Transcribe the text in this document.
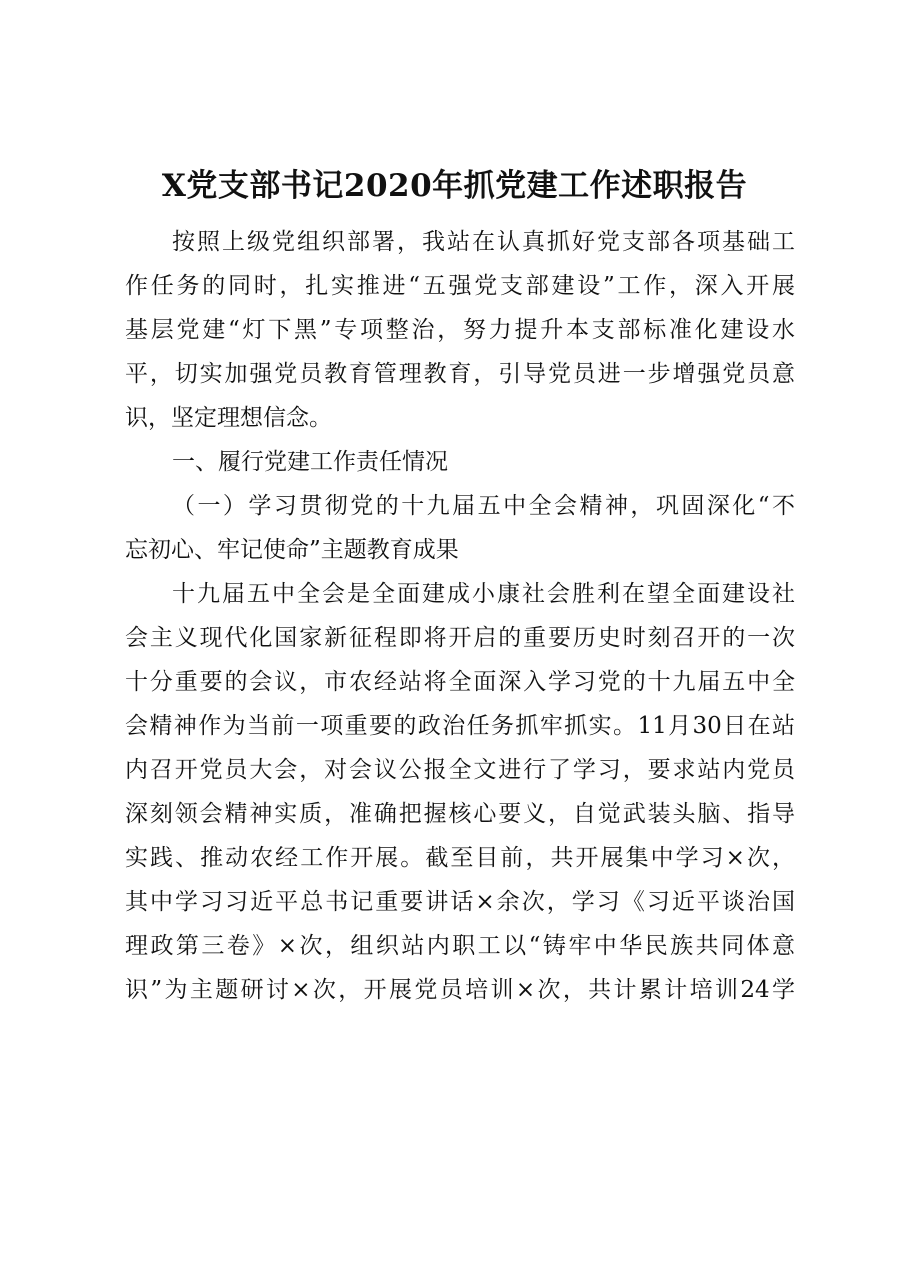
X党支部书记2020年抓党建工作述职报告
按照上级党组织部署，我站在认真抓好党支部各项基础工
作任务的同时，扎实推进“五强党支部建设”工作，深入开展
基层党建“灯下黑”专项整治，努力提升本支部标准化建设水
平，切实加强党员教育管理教育，引导党员进一步增强党员意
识，坚定理想信念。
一、履行党建工作责任情况
（一）学习贯彻党的十九届五中全会精神，巩固深化“不
忘初心、牢记使命”主题教育成果
十九届五中全会是全面建成小康社会胜利在望全面建设社
会主义现代化国家新征程即将开启的重要历史时刻召开的一次
十分重要的会议，市农经站将全面深入学习党的十九届五中全
会精神作为当前一项重要的政治任务抓牢抓实。11月30日在站
内召开党员大会，对会议公报全文进行了学习，要求站内党员
深刻领会精神实质，准确把握核心要义，自觉武装头脑、指导
实践、推动农经工作开展。截至目前，共开展集中学习×次，
其中学习习近平总书记重要讲话×余次，学习《习近平谈治国
理政第三卷》×次，组织站内职工以“铸牢中华民族共同体意
识”为主题研讨×次，开展党员培训×次，共计累计培训24学
